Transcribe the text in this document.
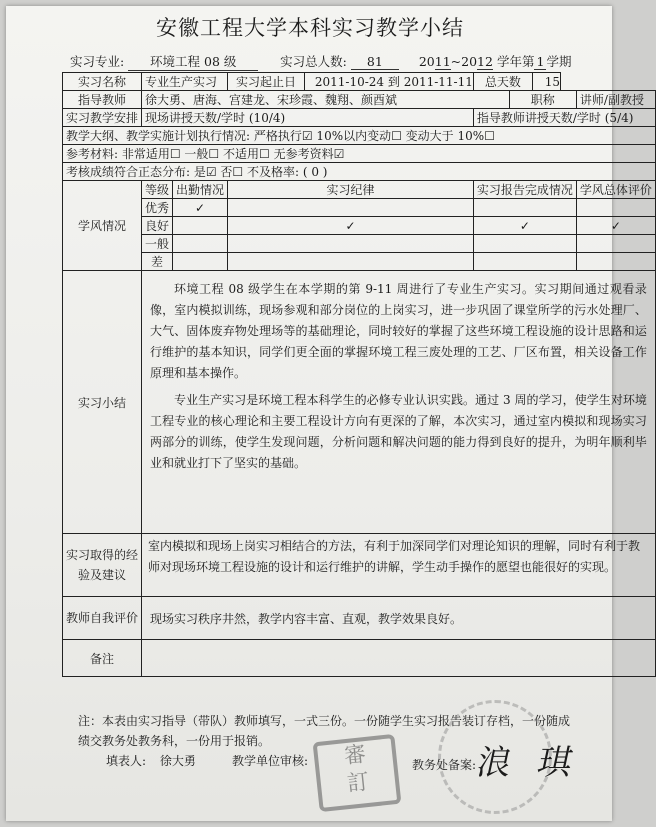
安徽工程大学本科实习教学小结
实习专业: 环境工程 08 级	实习总人数: 81	2011~2012 学年第 1 学期
实习名称	专业生产实习		实习起止日 2011-10-24 到 2011-11-11	总天数 15		
指导教师	徐大勇、唐海、宫建龙、宋珍霞、魏翔、颜酉斌				职称	讲师/副教授
实习教学安排	现场讲授天数/学时 (10/4)			指导教师讲授天数/学时 (5/4)		
教学大纲、教学实施计划执行情况: 严格执行☑ 10%以内变动☐ 变动大于 10%☐						
参考材料: 非常适用☐ 一般☐ 不适用☐ 无参考资料☑						
考核成绩符合正态分布: 是☑ 否☐ 不及格率: ( 0 )						
学风情况	等级	出勤情况	实习纪律	实习报告完成情况		学风总体评价
	优秀	✓				
	良好		✓	✓		✓
	一般					
	差					
实习小结	环境工程 08 级学生在本学期的第 9-11 周进行了专业生产实习。实习期间通过观看录像，室内模拟训练，现场参观和部分岗位的上岗实习，进一步巩固了课堂所学的污水处理厂、大气、固体废弃物处理场等的基础理论，同时较好的掌握了这些环境工程设施的设计思路和运行维护的基本知识，同学们更全面的掌握环境工程三废处理的工艺、厂区布置，相关设备工作原理和基本操作。

专业生产实习是环境工程本科学生的必修专业认识实践。通过 3 周的学习，使学生对环境工程专业的核心理论和主要工程设计方向有更深的了解，本次实习，通过室内模拟和现场实习两部分的训练，使学生发现问题，分析问题和解决问题的能力得到良好的提升，为明年顺利毕业和就业打下了坚实的基础。					

实习取得的经验及建议	室内模拟和现场上岗实习相结合的方法，有利于加深同学们对理论知识的理解，同时有利于教师对现场环境工程设施的设计和运行维护的讲解，学生动手操作的愿望也能很好的实现。					
教师自我评价	现场实习秩序井然，教学内容丰富、直观，教学效果良好。					
备注						
注：本表由实习指导（带队）教师填写，一式三份。一份随学生实习报告装订存档，一份随成绩交教务处教务科，一份用于报销。
審
訂
浪 琪
填表人: 徐大勇	教学单位审核:	教务处备案:
